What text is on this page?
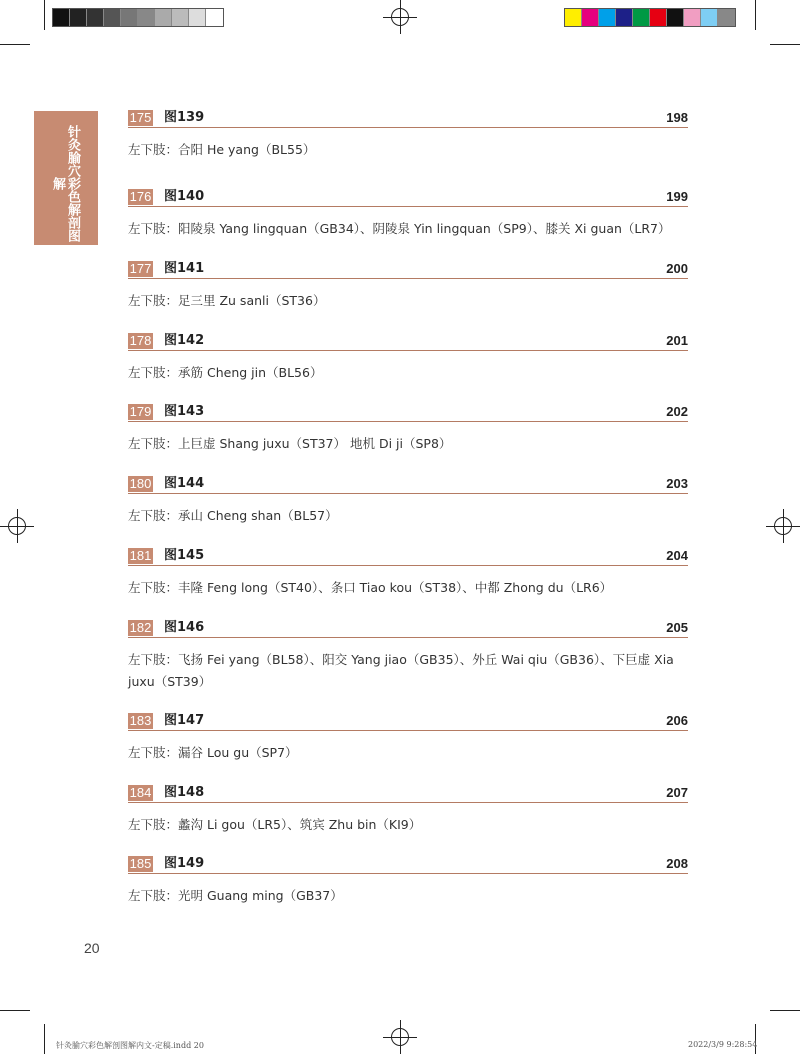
针灸腧穴彩色解剖图解
175 图139	198
左下肢：合阳 He yang（BL55）
176 图140	199
左下肢：阳陵泉 Yang lingquan（GB34）、阴陵泉 Yin lingquan（SP9）、膝关 Xi guan（LR7）
177 图141	200
左下肢：足三里 Zu sanli（ST36）
178 图142	201
左下肢：承筋 Cheng jin（BL56）
179 图143	202
左下肢：上巨虚 Shang juxu（ST37） 地机 Di ji（SP8）
180 图144	203
左下肢：承山 Cheng shan（BL57）
181 图145	204
左下肢：丰隆 Feng long（ST40）、条口 Tiao kou（ST38）、中都 Zhong du（LR6）
182 图146	205
左下肢：飞扬 Fei yang（BL58）、阳交 Yang jiao（GB35）、外丘 Wai qiu（GB36）、下巨虚 Xia juxu（ST39）
183 图147	206
左下肢：漏谷 Lou gu（SP7）
184 图148	207
左下肢：蠡沟 Li gou（LR5）、筑宾 Zhu bin（KI9）
185 图149	208
左下肢：光明 Guang ming（GB37）
20
针灸腧穴彩色解剖图解内文-定稿.indd 20	2022/3/9 9:28:54
